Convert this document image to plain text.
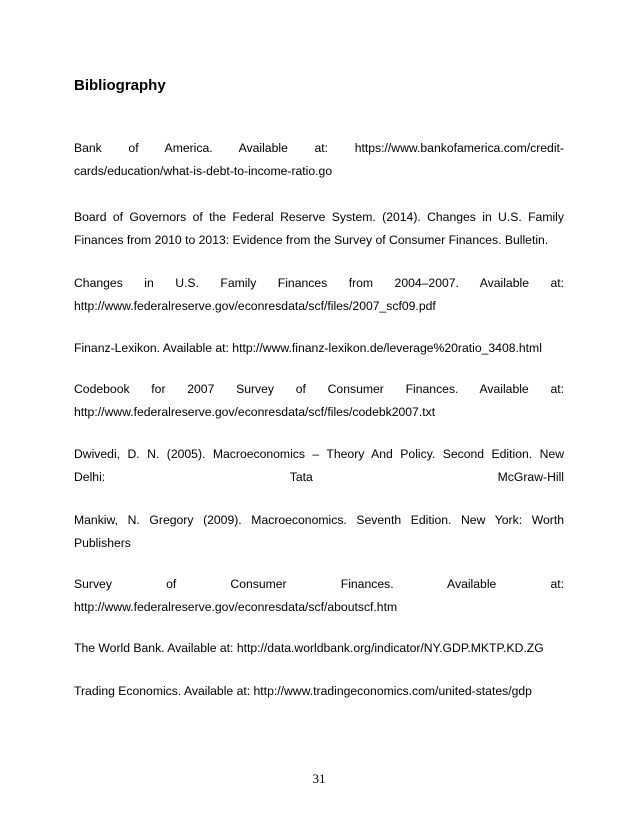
Bibliography
Bank of America. Available at: https://www.bankofamerica.com/credit-
cards/education/what-is-debt-to-income-ratio.go
Board of Governors of the Federal Reserve System. (2014). Changes in U.S. Family
Finances from 2010 to 2013: Evidence from the Survey of Consumer Finances. Bulletin.
Changes in U.S. Family Finances from 2004–2007. Available at:
http://www.federalreserve.gov/econresdata/scf/files/2007_scf09.pdf
Finanz-Lexikon. Available at: http://www.finanz-lexikon.de/leverage%20ratio_3408.html
Codebook for 2007 Survey of Consumer Finances. Available at:
http://www.federalreserve.gov/econresdata/scf/files/codebk2007.txt
Dwivedi, D. N. (2005). Macroeconomics – Theory And Policy. Second Edition. New
Delhi: Tata McGraw-Hill
Mankiw, N. Gregory (2009). Macroeconomics. Seventh Edition. New York: Worth
Publishers
Survey of Consumer Finances. Available at:
http://www.federalreserve.gov/econresdata/scf/aboutscf.htm
The World Bank. Available at: http://data.worldbank.org/indicator/NY.GDP.MKTP.KD.ZG
Trading Economics. Available at: http://www.tradingeconomics.com/united-states/gdp
31
